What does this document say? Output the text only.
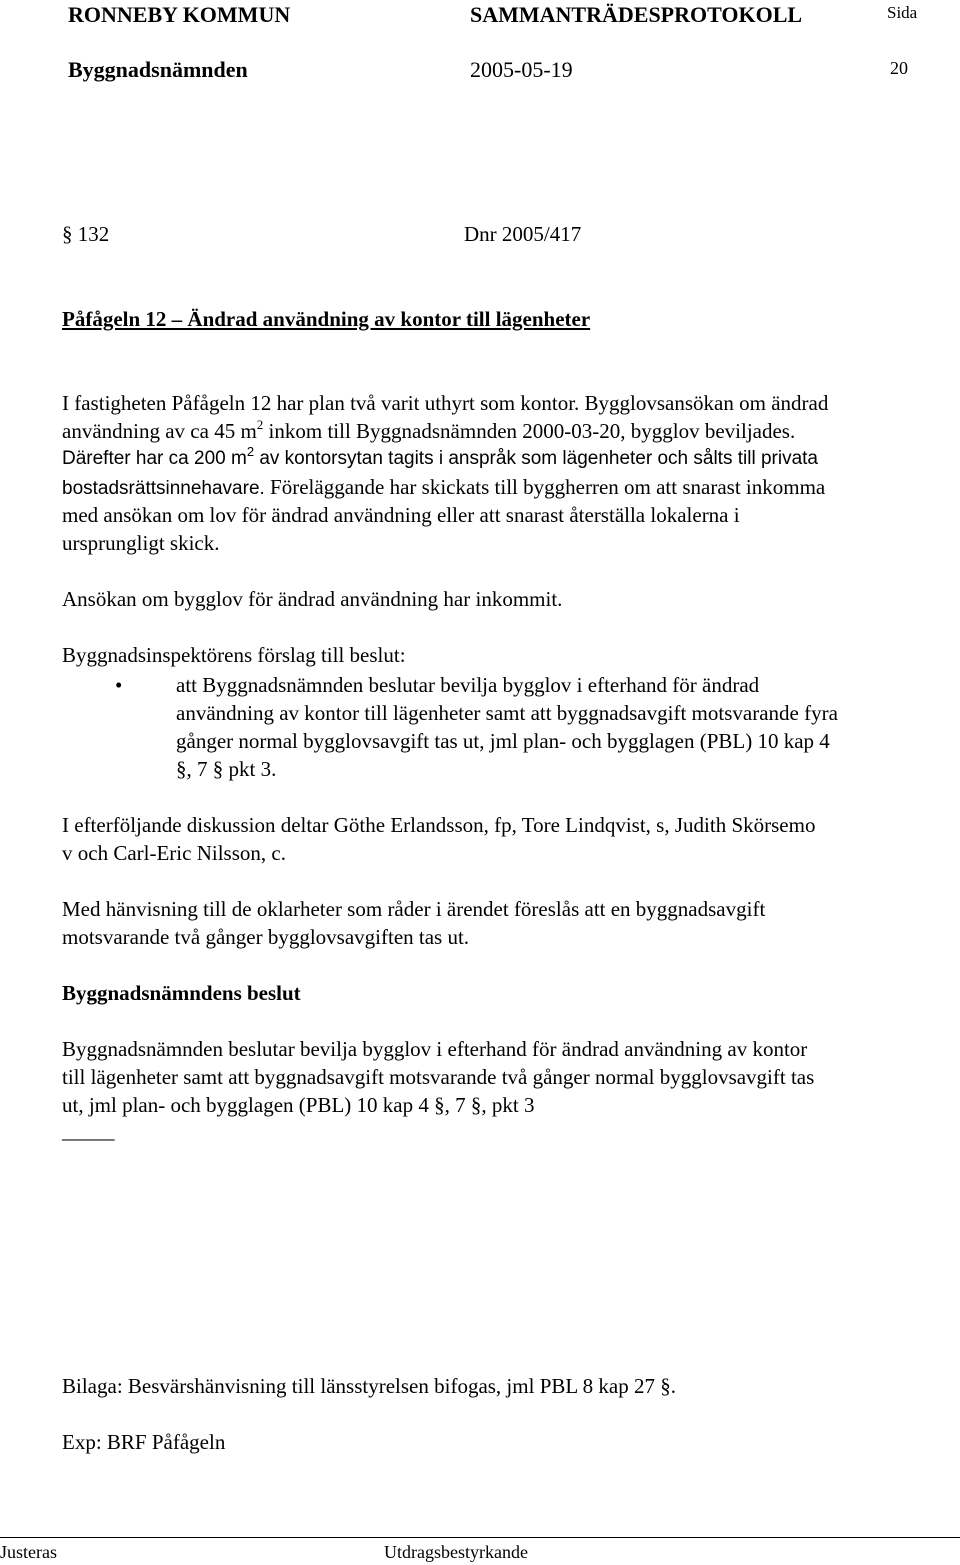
RONNEBY KOMMUN	SAMMANTRÄDESPROTOKOLL	Sida
Byggnadsnämnden	2005-05-19	20
§ 132	Dnr 2005/417
Påfågeln 12 – Ändrad användning av kontor till lägenheter
I fastigheten Påfågeln 12 har plan två varit uthyrt som kontor. Bygglovsansökan om ändrad
användning av ca 45 $m^2$ inkom till Byggnadsnämnden 2000-03-20, bygglov beviljades.
Därefter har ca 200 $m^2$ av kontorsytan tagits i anspråk som lägenheter och sålts till privata
bostadsrättsinnehavare. Föreläggande har skickats till byggherren om att snarast inkomma
med ansökan om lov för ändrad användning eller att snarast återställa lokalerna i
ursprungligt skick.
Ansökan om bygglov för ändrad användning har inkommit.
Byggnadsinspektörens förslag till beslut:
•	att Byggnadsnämnden beslutar bevilja bygglov i efterhand för ändrad
användning av kontor till lägenheter samt att byggnadsavgift motsvarande fyra
gånger normal bygglovsavgift tas ut, jml plan- och bygglagen (PBL) 10 kap 4
§, 7 § pkt 3.
I efterföljande diskussion deltar Göthe Erlandsson, fp, Tore Lindqvist, s, Judith Skörsemo
v och Carl-Eric Nilsson, c.
Med hänvisning till de oklarheter som råder i ärendet föreslås att en byggnadsavgift
motsvarande två gånger bygglovsavgiften tas ut.
Byggnadsnämndens beslut
Byggnadsnämnden beslutar bevilja bygglov i efterhand för ändrad användning av kontor
till lägenheter samt att byggnadsavgift motsvarande två gånger normal bygglovsavgift tas
ut, jml plan- och bygglagen (PBL) 10 kap 4 §, 7 §, pkt 3
_____
Bilaga: Besvärshänvisning till länsstyrelsen bifogas, jml PBL 8 kap 27 §.
Exp: BRF Påfågeln
Justeras	Utdragsbestyrkande
